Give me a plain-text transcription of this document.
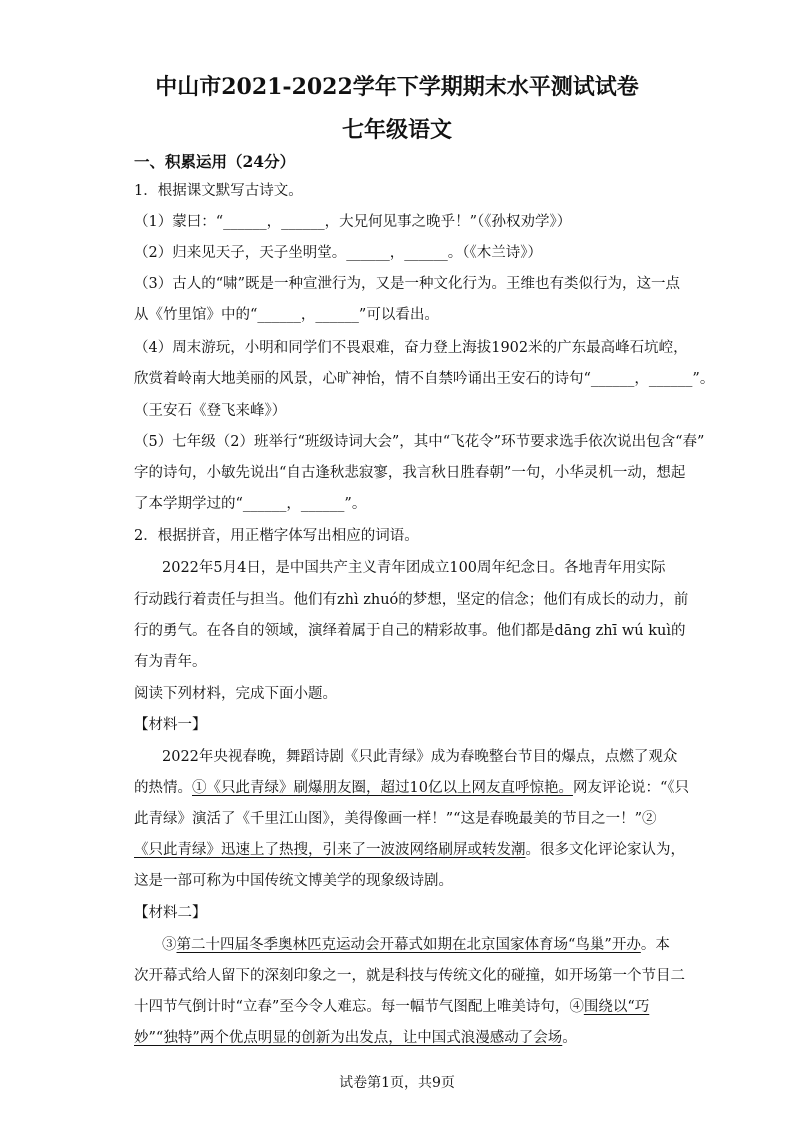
中山市2021-2022学年下学期期末水平测试试卷
七年级语文
一、积累运用（24分）
1．根据课文默写古诗文。
（1）蒙曰：“______，______，大兄何见事之晚乎！”（《孙权劝学》）
（2）归来见天子，天子坐明堂。______，______。（《木兰诗》）
（3）古人的“啸”既是一种宣泄行为，又是一种文化行为。王维也有类似行为，这一点
从《竹里馆》中的“______，______”可以看出。
（4）周末游玩，小明和同学们不畏艰难，奋力登上海拔1902米的广东最高峰石坑崆，
欣赏着岭南大地美丽的风景，心旷神怡，情不自禁吟诵出王安石的诗句“______，______”。
（王安石《登飞来峰》）
（5）七年级（2）班举行“班级诗词大会”，其中“飞花令”环节要求选手依次说出包含“春”
字的诗句，小敏先说出“自古逢秋悲寂寥，我言秋日胜春朝”一句，小华灵机一动，想起
了本学期学过的“______，______”。
2．根据拼音，用正楷字体写出相应的词语。
2022年5月4日，是中国共产主义青年团成立100周年纪念日。各地青年用实际
行动践行着责任与担当。他们有zhì zhuó的梦想，坚定的信念；他们有成长的动力，前
行的勇气。在各自的领域，演绎着属于自己的精彩故事。他们都是dāng zhī wú kuì的
有为青年。
阅读下列材料，完成下面小题。
【材料一】
2022年央视春晚，舞蹈诗剧《只此青绿》成为春晚整台节目的爆点，点燃了观众
的热情。①《只此青绿》刷爆朋友圈，超过10亿以上网友直呼惊艳。网友评论说：“《只
此青绿》演活了《千里江山图》，美得像画一样！”“这是春晚最美的节目之一！”②
《只此青绿》迅速上了热搜，引来了一波波网络刷屏或转发潮。很多文化评论家认为，
这是一部可称为中国传统文博美学的现象级诗剧。
【材料二】
③第二十四届冬季奥林匹克运动会开幕式如期在北京国家体育场“鸟巢”开办。本
次开幕式给人留下的深刻印象之一，就是科技与传统文化的碰撞，如开场第一个节目二
十四节气倒计时“立春”至今令人难忘。每一幅节气图配上唯美诗句，④围绕以“巧
妙”“独特”两个优点明显的创新为出发点，让中国式浪漫感动了会场。
试卷第1页，共9页
